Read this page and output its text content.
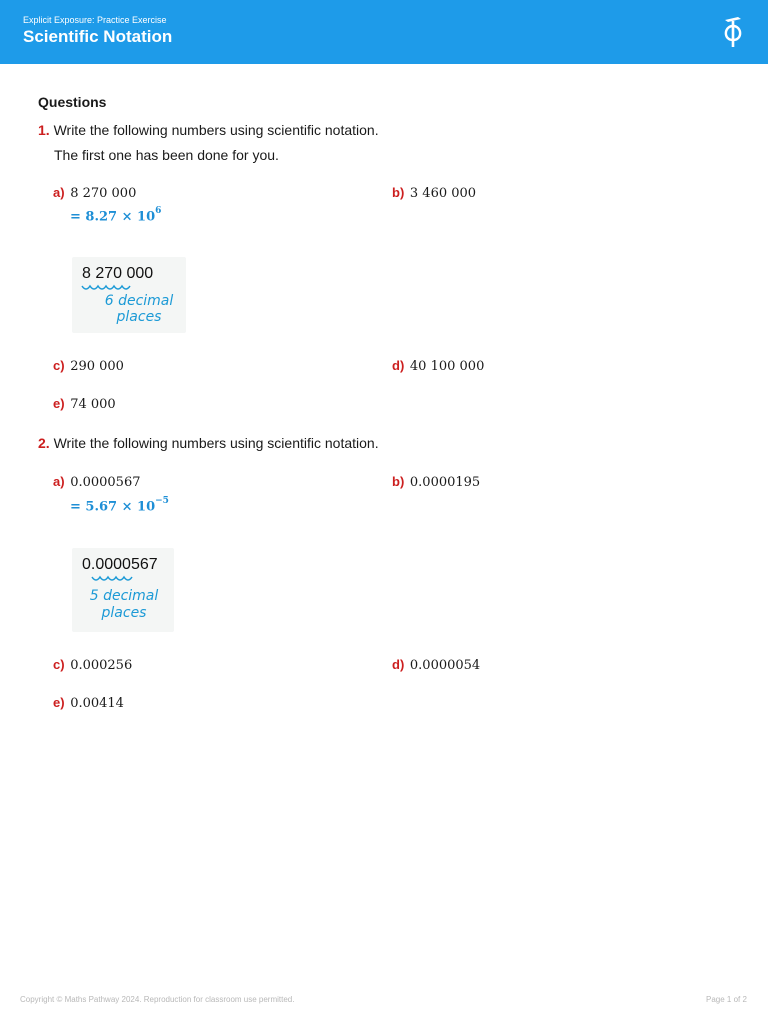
Explicit Exposure: Practice Exercise
Scientific Notation
Questions
1. Write the following numbers using scientific notation.
The first one has been done for you.
a) 8 270 000	b) 3 460 000
= $8.27 \times 10^6$
8 270 000
6 decimal
places
c) 290 000	d) 40 100 000
e) 74 000
2. Write the following numbers using scientific notation.
a) 0.0000567	b) 0.0000195
= $5.67 \times 10^{-5}$
0.0000567
5 decimal
places
c) 0.000256	d) 0.0000054
e) 0.00414
Copyright © Maths Pathway 2024. Reproduction for classroom use permitted.	Page 1 of 2
